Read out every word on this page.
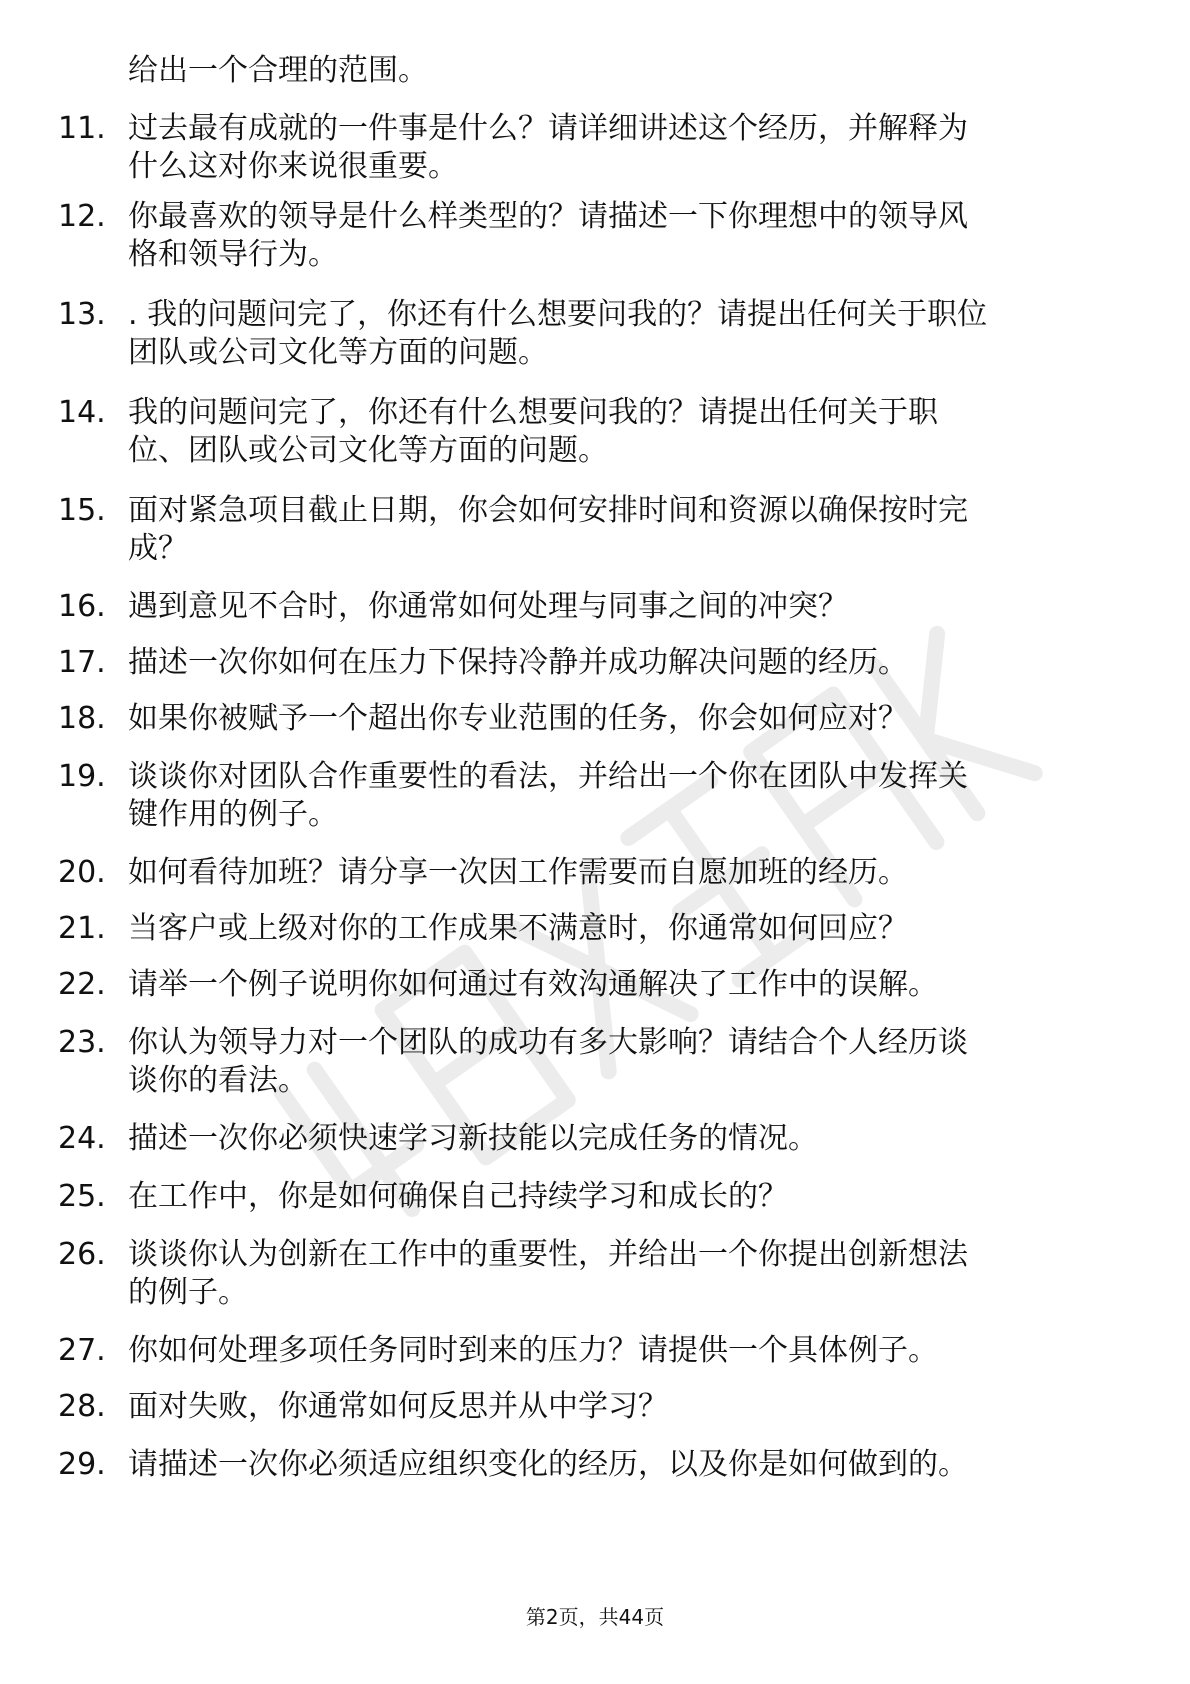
给出一个合理的范围。
11. 过去最有成就的一件事是什么？请详细讲述这个经历，并解释为
什么这对你来说很重要。
12. 你最喜欢的领导是什么样类型的？请描述一下你理想中的领导风
格和领导行为。
13. . 我的问题问完了，你还有什么想要问我的？请提出任何关于职位
团队或公司文化等方面的问题。
14. 我的问题问完了，你还有什么想要问我的？请提出任何关于职
位、团队或公司文化等方面的问题。
15. 面对紧急项目截止日期，你会如何安排时间和资源以确保按时完
成？
16. 遇到意见不合时，你通常如何处理与同事之间的冲突？
17. 描述一次你如何在压力下保持冷静并成功解决问题的经历。
18. 如果你被赋予一个超出你专业范围的任务，你会如何应对？
19. 谈谈你对团队合作重要性的看法，并给出一个你在团队中发挥关
键作用的例子。
20. 如何看待加班？请分享一次因工作需要而自愿加班的经历。
21. 当客户或上级对你的工作成果不满意时，你通常如何回应？
22. 请举一个例子说明你如何通过有效沟通解决了工作中的误解。
23. 你认为领导力对一个团队的成功有多大影响？请结合个人经历谈
谈你的看法。
24. 描述一次你必须快速学习新技能以完成任务的情况。
25. 在工作中，你是如何确保自己持续学习和成长的？
26. 谈谈你认为创新在工作中的重要性，并给出一个你提出创新想法
的例子。
27. 你如何处理多项任务同时到来的压力？请提供一个具体例子。
28. 面对失败，你通常如何反思并从中学习？
29. 请描述一次你必须适应组织变化的经历，以及你是如何做到的。
第2页，共44页
